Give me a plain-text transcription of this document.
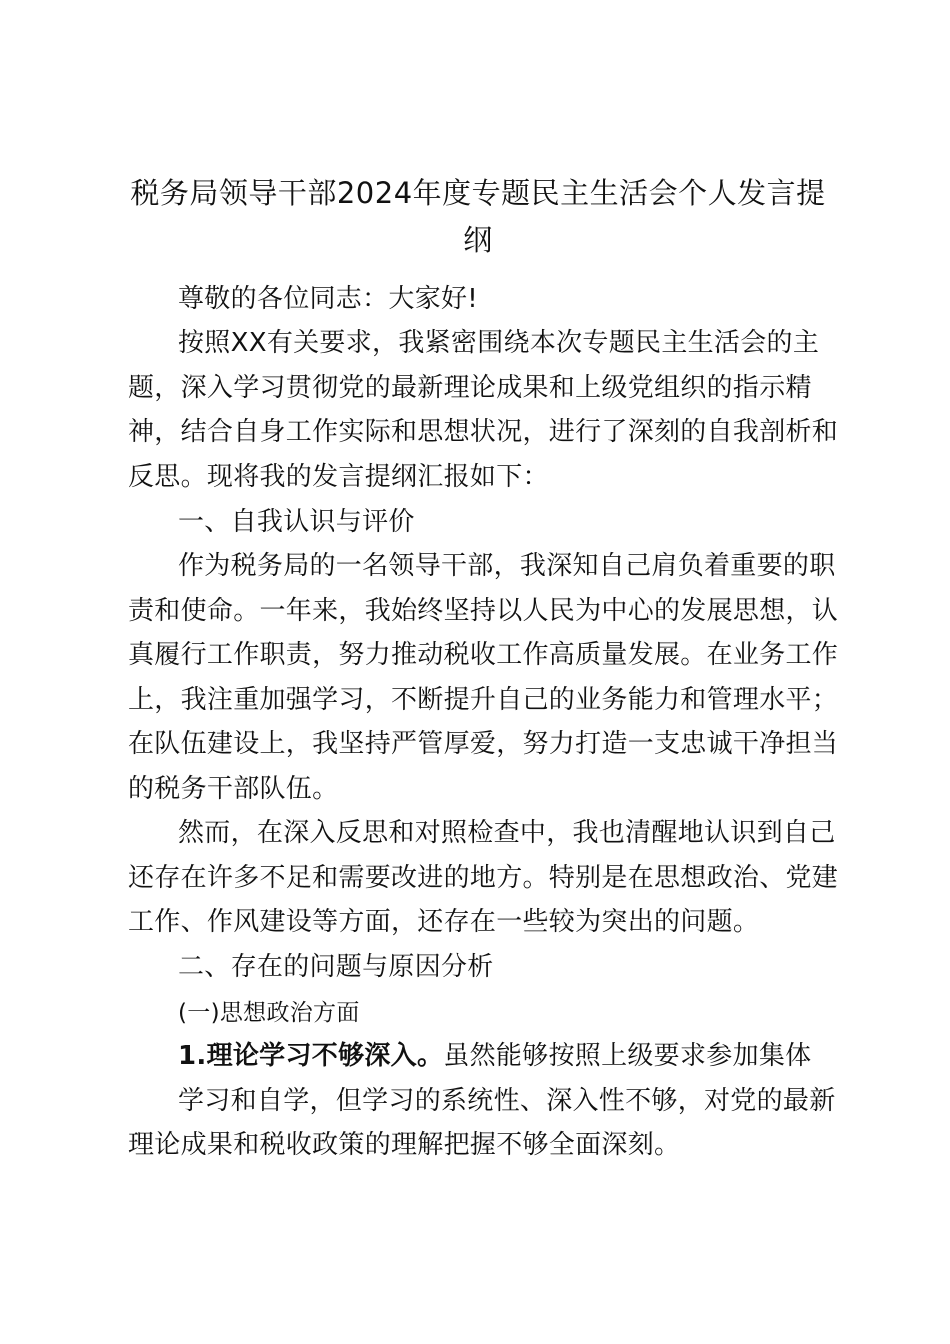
税务局领导干部2024年度专题民主生活会个人发言提
纲
尊敬的各位同志：大家好!
按照XX有关要求，我紧密围绕本次专题民主生活会的主
题，深入学习贯彻党的最新理论成果和上级党组织的指示精
神，结合自身工作实际和思想状况，进行了深刻的自我剖析和
反思。现将我的发言提纲汇报如下：
一、自我认识与评价
作为税务局的一名领导干部，我深知自己肩负着重要的职
责和使命。一年来，我始终坚持以人民为中心的发展思想，认
真履行工作职责，努力推动税收工作高质量发展。在业务工作
上，我注重加强学习，不断提升自己的业务能力和管理水平；
在队伍建设上，我坚持严管厚爱，努力打造一支忠诚干净担当
的税务干部队伍。
然而，在深入反思和对照检查中，我也清醒地认识到自己
还存在许多不足和需要改进的地方。特别是在思想政治、党建
工作、作风建设等方面，还存在一些较为突出的问题。
二、存在的问题与原因分析
(一)思想政治方面
1.理论学习不够深入。虽然能够按照上级要求参加集体
学习和自学，但学习的系统性、深入性不够，对党的最新
理论成果和税收政策的理解把握不够全面深刻。
